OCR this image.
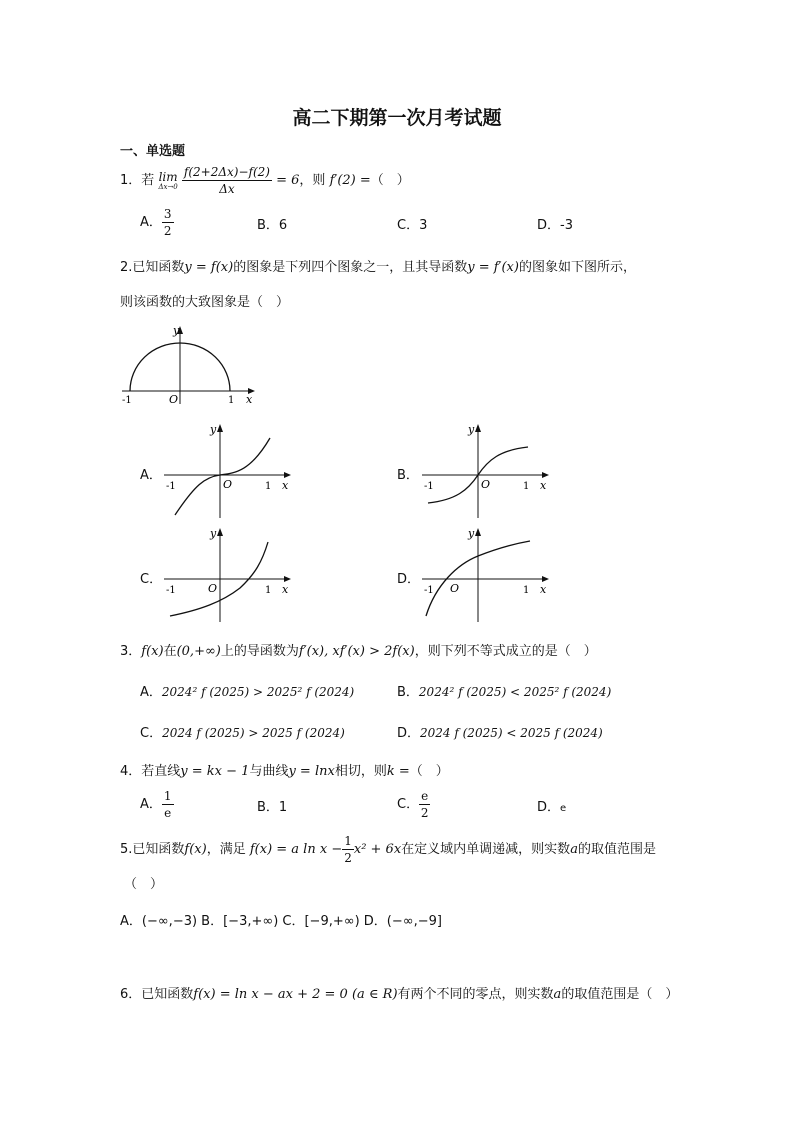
高二下期第一次月考试题
一、单选题
1．若 lim
Δx→0
$\frac{f(2+2\Delta x)-f(2)}{\Delta x} = 6$，则 f′(2) =（　）
A． $\frac{3}{2}$	B．6	C．3	D．-3
2.已知函数y = f(x)的图象是下列四个图象之一，且其导函数y = f′(x)的图象如下图所示，
则该函数的大致图象是（　）
y
x
O
-1	1
A．
y
x
O
-1	1
B．
y
x
O
-1	1
C．
y
x
O
-1	1
D．
y
x
O
-1	1
3．f(x)在(0,+∞)上的导函数为f′(x), xf′(x) > 2f(x)，则下列不等式成立的是（　）
A．2024² f (2025) > 2025² f (2024)	B．2024² f (2025) < 2025² f (2024)
C．2024 f (2025) > 2025 f (2024)	D．2024 f (2025) < 2025 f (2024)
4．若直线y = kx − 1与曲线y = lnx相切，则k =（　）
A． $\frac{1}{e}$	B．1	C． $\frac{e}{2}$	D．e
5.已知函数f(x)，满足 f(x) = a $\ln x - \frac{1}{2} x^2 + 6x$在定义域内单调递减，则实数a的取值范围是
（　）
A．(−∞,−3) B．[−3,+∞) C．[−9,+∞) D．(−∞,−9]
6．已知函数f(x) = ln x − ax + 2 = 0 (a ∈ R)有两个不同的零点，则实数a的取值范围是（　）
